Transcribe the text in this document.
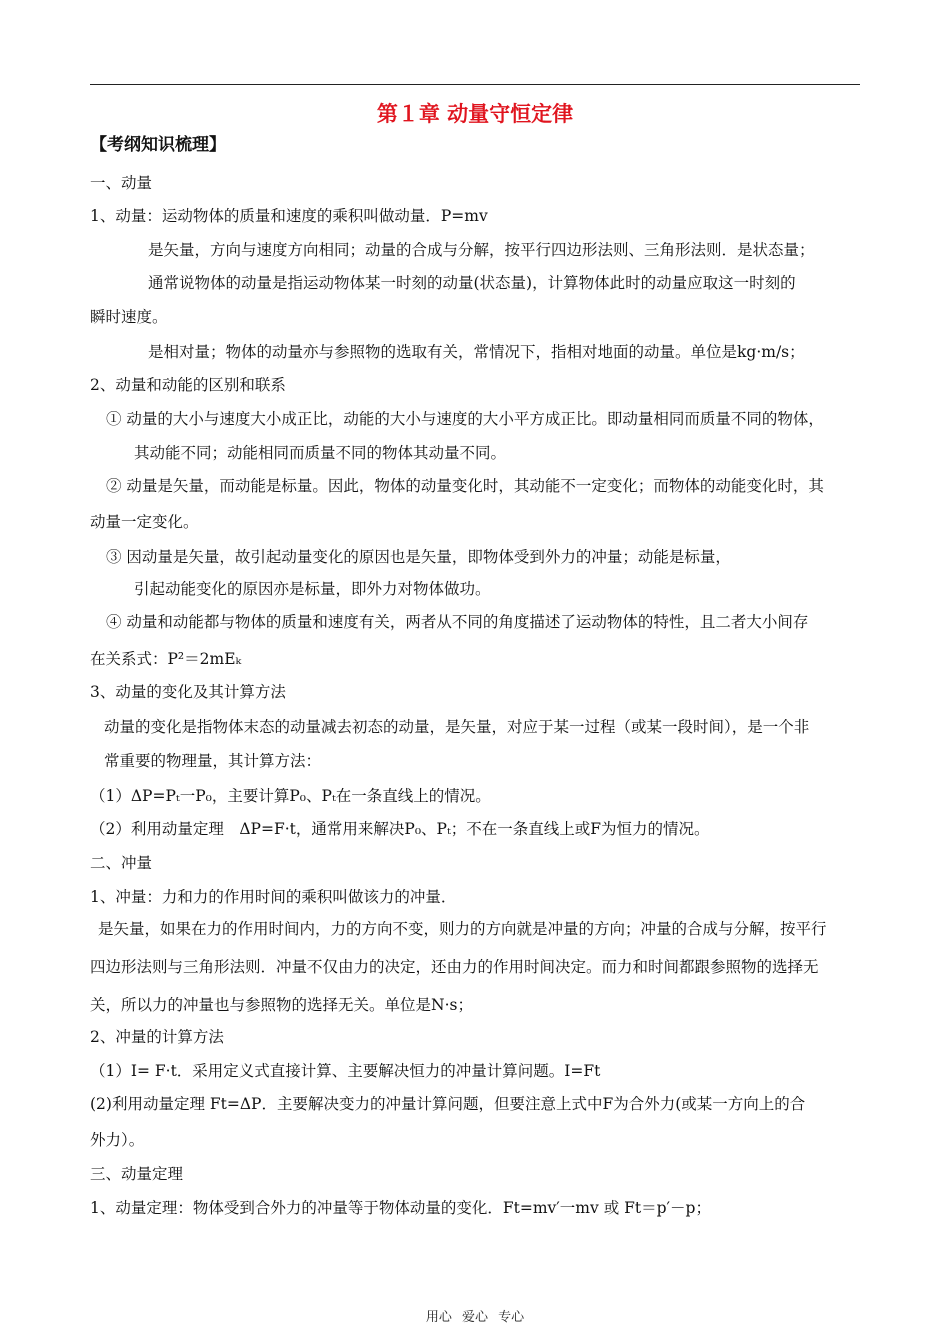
第１章 动量守恒定律
【考纲知识梳理】
一、动量
1、动量：运动物体的质量和速度的乘积叫做动量．P=mv
是矢量，方向与速度方向相同；动量的合成与分解，按平行四边形法则、三角形法则．是状态量；
通常说物体的动量是指运动物体某一时刻的动量(状态量)，计算物体此时的动量应取这一时刻的
瞬时速度。
是相对量；物体的动量亦与参照物的选取有关，常情况下，指相对地面的动量。单位是kg·m/s；
2、动量和动能的区别和联系
① 动量的大小与速度大小成正比，动能的大小与速度的大小平方成正比。即动量相同而质量不同的物体，
其动能不同；动能相同而质量不同的物体其动量不同。
② 动量是矢量，而动能是标量。因此，物体的动量变化时，其动能不一定变化；而物体的动能变化时，其
动量一定变化。
③ 因动量是矢量，故引起动量变化的原因也是矢量，即物体受到外力的冲量；动能是标量，
引起动能变化的原因亦是标量，即外力对物体做功。
④ 动量和动能都与物体的质量和速度有关，两者从不同的角度描述了运动物体的特性，且二者大小间存
在关系式：P²＝2mEₖ
3、动量的变化及其计算方法
动量的变化是指物体末态的动量减去初态的动量，是矢量，对应于某一过程（或某一段时间），是一个非
常重要的物理量，其计算方法：
（1）ΔP=Pₜ一P₀，主要计算P₀、Pₜ在一条直线上的情况。
（2）利用动量定理　ΔP=F·t，通常用来解决P₀、Pₜ；不在一条直线上或F为恒力的情况。
二、冲量
1、冲量：力和力的作用时间的乘积叫做该力的冲量．
是矢量，如果在力的作用时间内，力的方向不变，则力的方向就是冲量的方向；冲量的合成与分解，按平行
四边形法则与三角形法则．冲量不仅由力的决定，还由力的作用时间决定。而力和时间都跟参照物的选择无
关，所以力的冲量也与参照物的选择无关。单位是N·s；
2、冲量的计算方法
（1）I= F·t．采用定义式直接计算、主要解决恒力的冲量计算问题。I=Ft
(2)利用动量定理 Ft=ΔP．主要解决变力的冲量计算问题，但要注意上式中F为合外力(或某一方向上的合
外力）。
三、动量定理
1、动量定理：物体受到合外力的冲量等于物体动量的变化．Ft=mv′一mv 或 Ft＝p′－p；
用心 爱心 专心
